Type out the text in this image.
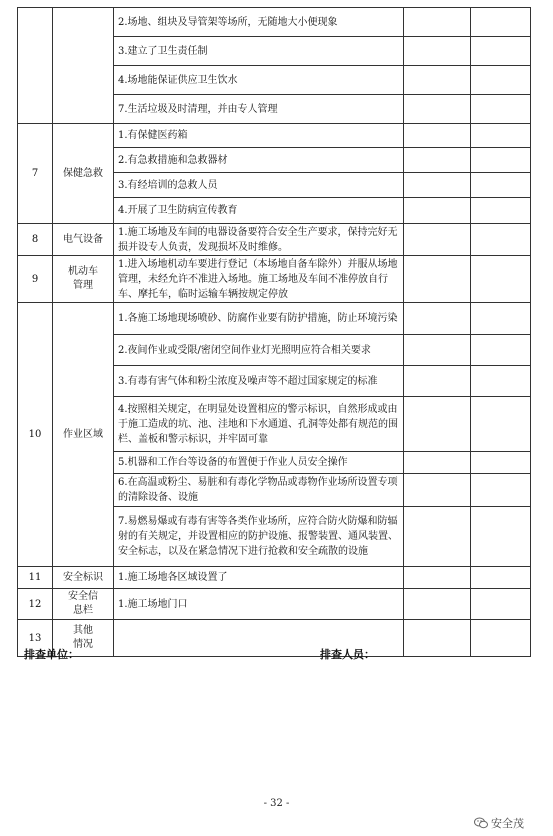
		2.场地、组块及导管架等场所，无随地大小便现象		
		3.建立了卫生责任制		
		4.场地能保证供应卫生饮水		
		7.生活垃圾及时清理，并由专人管理		
7	保健急救	1.有保健医药箱		
		2.有急救措施和急救器材		
		3.有经培训的急救人员		
		4.开展了卫生防病宣传教育		
8	电气设备	1.施工场地及车间的电器设备要符合安全生产要求，保持完好无损并设专人负责，发现损坏及时维修。		
9	机动车管理	1.进入场地机动车要进行登记（本场地自备车除外）并服从场地管理，未经允许不准进入场地。施工场地及车间不准停放自行车、摩托车，临时运输车辆按规定停放		
10	作业区域	1.各施工场地现场喷砂、防腐作业要有防护措施，防止环境污染		
		2.夜间作业或受限/密闭空间作业灯光照明应符合相关要求		
		3.有毒有害气体和粉尘浓度及噪声等不超过国家规定的标准		
		4.按照相关规定，在明显处设置相应的警示标识，自然形成或由于施工造成的坑、池、洼地和下水通道、孔洞等处都有规范的围栏、盖板和警示标识，并牢固可靠		
		5.机器和工作台等设备的布置便于作业人员安全操作		
		6.在高温或粉尘、易脏和有毒化学物品或毒物作业场所设置专项的清除设备、设施		
		7.易燃易爆或有毒有害等各类作业场所，应符合防火防爆和防辐射的有关规定，并设置相应的防护设施、报警装置、通风装置、安全标志，以及在紧急情况下进行抢救和安全疏散的设施		
11	安全标识	1.施工场地各区域设置了		
12	安全信息栏	1.施工场地门口		
13	其他情况			
排查单位：	排查人员：
- 32 -
安全茂
